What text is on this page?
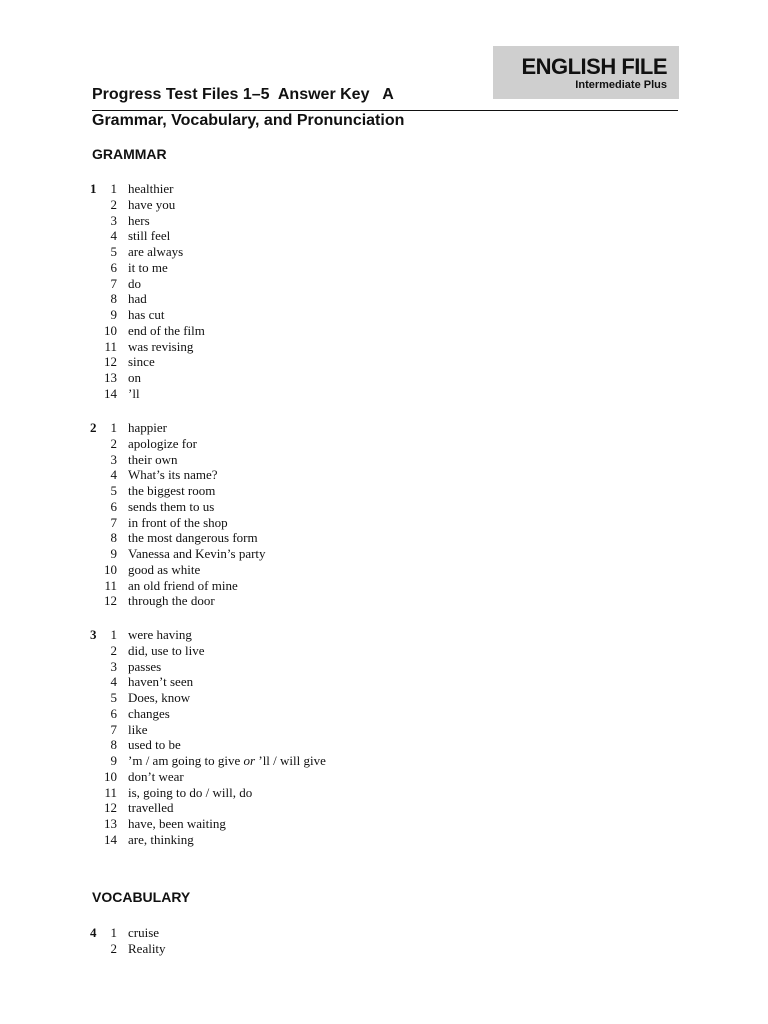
ENGLISH FILE
Intermediate Plus
Progress Test Files 1–5  Answer Key   A
Grammar, Vocabulary, and Pronunciation
GRAMMAR
1	1 healthier
2 have you
3 hers
4 still feel
5 are always
6 it to me
7 do
8 had
9 has cut
10 end of the film
11 was revising
12 since
13 on
14 ’ll
2	1 happier
2 apologize for
3 their own
4 What’s its name?
5 the biggest room
6 sends them to us
7 in front of the shop
8 the most dangerous form
9 Vanessa and Kevin’s party
10 good as white
11 an old friend of mine
12 through the door
3	1 were having
2 did, use to live
3 passes
4 haven’t seen
5 Does, know
6 changes
7 like
8 used to be
9 ’m / am going to give or ’ll / will give
10 don’t wear
11 is, going to do / will, do
12 travelled
13 have, been waiting
14 are, thinking
VOCABULARY
4	1 cruise
2 Reality
